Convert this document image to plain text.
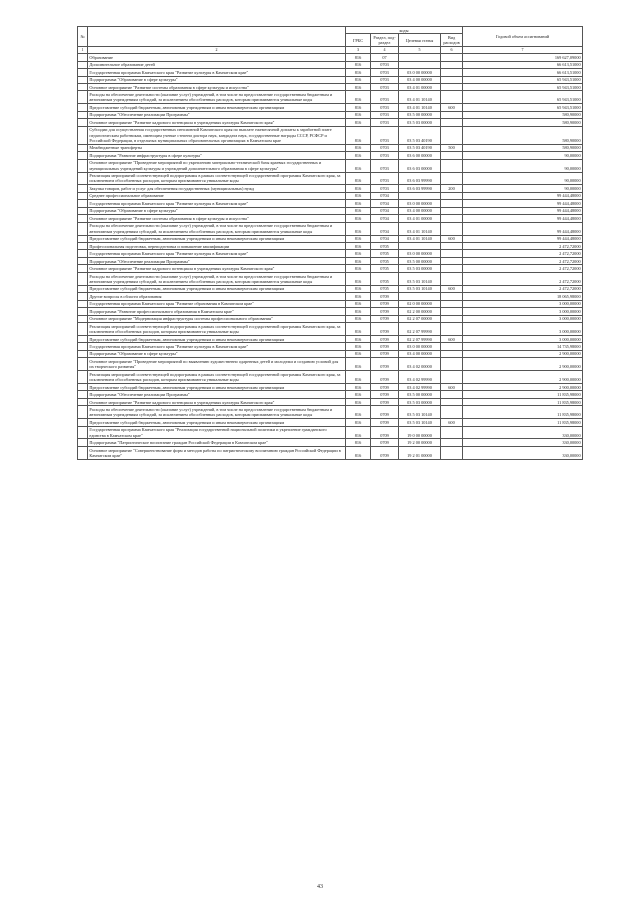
№		коды				Годовой объем ассигнований
		ГРБС	Раздел, под-раздел	Целевая статья	Вид расходов	
1	2	3	4	5	6	7
	Образование	816	07			169 627,09000
	Дополнительное образование детей	816	0703			66 613,51000
	Государственная программа Камчатского края "Развитие культуры в Камчатском крае"	816	0703	03 0 00 00000		66 613,51000
	Подпрограмма "Образование в сфере культуры"	816	0703	03 4 00 00000		65 943,51000
	Основное мероприятие "Развитие системы образования в сфере культуры и искусства"	816	0703	03 4 01 00000		65 943,51000
	Расходы на обеспечение деятельности (оказание услуг) учреждений, в том числе на предоставление государственным бюджетным и автономным учреждениям субсидий, за исключением обособленных расходов, которым присваиваются уникальные коды	816	0703	03 4 01 10140		65 943,51000
	Предоставление субсидий бюджетным, автономным учреждениям и иным некоммерческим организациям	816	0703	03 4 01 10140	600	65 943,51000
	Подпрограмма "Обеспечение реализации Программы"	816	0703	03 5 00 00000		580,90000
	Основное мероприятие "Развитие кадрового потенциала в учреждениях культуры Камчатского края"	816	0703	03 5 03 00000		580,90000
	Субсидии для осуществления государственных пенсионной Камчатского края по выплате ежемесячной доплаты к заработной плате педагогическим работникам, имеющим ученые степени доктора наук, кандидата наук, государственные награды СССР, РСФСР и Российской Федерации, в отдельных муниципальных образовательных организациях в Камчатском крае	816	0703	03 5 03 40190		580,90000
	Межбюджетные трансферты	816	0703	03 5 03 40190	500	580,90000
	Подпрограмма "Развитие инфраструктуры в сфере культуры"	816	0703	03 6 00 00000		90,00000
	Основное мероприятие "Проведение мероприятий по укреплению материально-технической базы краевых государственных и муниципальных учреждений культуры и учреждений дополнительного образования в сфере культуры"	816	0703	03 6 03 00000		90,00000
	Реализация мероприятий соответствующей подпрограммы в рамках соответствующей государственной программы Камчатского края, за исключением обособленных расходов, которым присваиваются уникальные коды	816	0703	03 6 03 99990		90,00000
	Закупка товаров, работ и услуг для обеспечения государственных (муниципальных) нужд	816	0703	03 6 03 99990	200	90,00000
	Среднее профессиональное образование	816	0704			99 444,48000
	Государственная программа Камчатского края "Развитие культуры в Камчатском крае"	816	0704	03 0 00 00000		99 444,48000
	Подпрограмма "Образование в сфере культуры"	816	0704	03 4 00 00000		99 444,48000
	Основное мероприятие "Развитие системы образования в сфере культуры и искусства"	816	0704	03 4 01 00000		99 444,48000
	Расходы на обеспечение деятельности (оказание услуг) учреждений, в том числе на предоставление государственным бюджетным и автономным учреждениям субсидий, за исключением обособленных расходов, которым присваиваются уникальные коды	816	0704	03 4 01 10140		99 444,48000
	Предоставление субсидий бюджетным, автономным учреждениям и иным некоммерческим организациям	816	0704	03 4 01 10140	600	99 444,48000
	Профессиональная подготовка, переподготовка и повышение квалификации	816	0705			2 472,72000
	Государственная программа Камчатского края "Развитие культуры в Камчатском крае"	816	0705	03 0 00 00000		2 472,72000
	Подпрограмма "Обеспечение реализации Программы"	816	0705	03 5 00 00000		2 472,72000
	Основное мероприятие "Развитие кадрового потенциала в учреждениях культуры Камчатского края"	816	0705	03 5 03 00000		2 472,72000
	Расходы на обеспечение деятельности (оказание услуг) учреждений, в том числе на предоставление государственным бюджетным и автономным учреждениям субсидий, за исключением обособленных расходов, которым присваиваются уникальные коды	816	0705	03 5 03 10140		2 472,72000
	Предоставление субсидий бюджетным, автономным учреждениям и иным некоммерческим организациям	816	0705	03 5 03 10140	600	2 472,72000
	Другие вопросы в области образования	816	0709			18 065,98000
	Государственная программа Камчатского края "Развитие образования в Камчатском крае"	816	0709	02 0 00 00000		3 000,00000
	Подпрограмма "Развитие профессионального образования в Камчатском крае"	816	0709	02 2 00 00000		3 000,00000
	Основное мероприятие "Модернизация инфраструктуры системы профессионального образования"	816	0709	02 2 07 00000		3 000,00000
	Реализация мероприятий соответствующей подпрограммы в рамках соответствующей государственной программы Камчатского края, за исключением обособленных расходов, которым присваиваются уникальные коды	816	0709	02 2 07 99990		3 000,00000
	Предоставление субсидий бюджетным, автономным учреждениям и иным некоммерческим организациям	816	0709	02 2 07 99990	600	3 000,00000
	Государственная программа Камчатского края "Развитие культуры в Камчатском крае"	816	0709	03 0 00 00000		14 735,98000
	Подпрограмма "Образование в сфере культуры"	816	0709	03 4 00 00000		2 900,00000
	Основное мероприятие "Проведение мероприятий по выявлению художественно одаренных детей и молодежи и созданию условий для их творческого развития"	816	0709	03 4 02 00000		2 900,00000
	Реализация мероприятий соответствующей подпрограммы в рамках соответствующей государственной программы Камчатского края, за исключением обособленных расходов, которым присваиваются уникальные коды	816	0709	03 4 02 99990		2 900,00000
	Предоставление субсидий бюджетным, автономным учреждениям и иным некоммерческим организациям	816	0709	03 4 02 99990	600	2 900,00000
	Подпрограмма "Обеспечение реализации Программы"	816	0709	03 5 00 00000		11 835,98000
	Основное мероприятие "Развитие кадрового потенциала в учреждениях культуры Камчатского края"	816	0709	03 5 03 00000		11 835,98000
	Расходы на обеспечение деятельности (оказание услуг) учреждений, в том числе на предоставление государственным бюджетным и автономным учреждениям субсидий, за исключением обособленных расходов, которым присваиваются уникальные коды	816	0709	03 5 03 10140		11 835,98000
	Предоставление субсидий бюджетным, автономным учреждениям и иным некоммерческим организациям	816	0709	03 5 03 10140	600	11 835,98000
	Государственная программа Камчатского края "Реализация государственной национальной политики и укрепление гражданского единства в Камчатском крае"	816	0709	19 0 00 00000		330,00000
	Подпрограмма "Патриотическое воспитание граждан Российской Федерации в Камчатском крае"	816	0709	19 2 00 00000		330,00000
	Основное мероприятие "Совершенствование форм и методов работы по патриотическому воспитанию граждан Российской Федерации в Камчатском крае"	816	0709	19 2 01 00000		330,00000
43
